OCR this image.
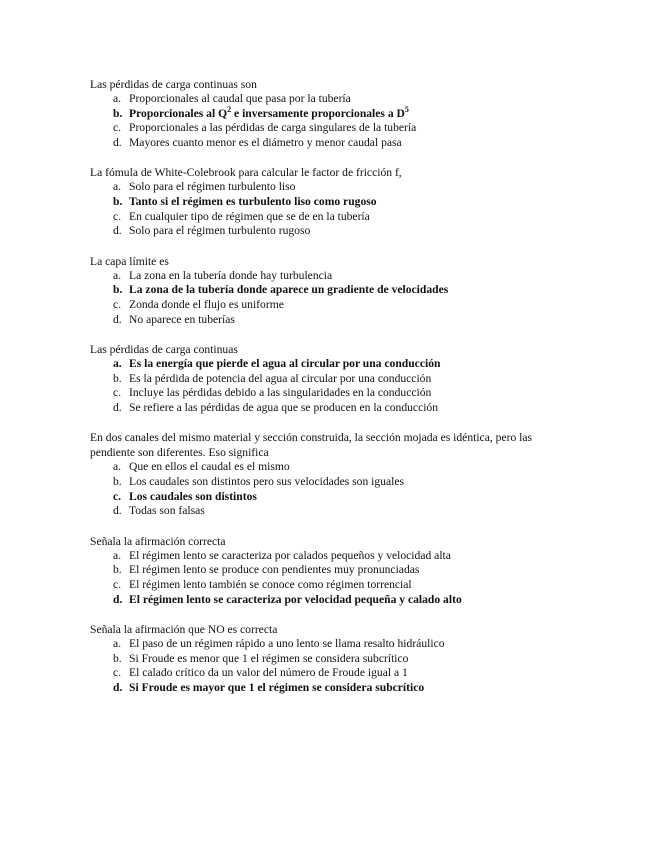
Las pérdidas de carga continuas son

a. Proporcionales al caudal que pasa por la tubería
b. Proporcionales al $Q^2$ e inversamente proporcionales a $D^5$
c. Proporcionales a las pérdidas de carga singulares de la tubería
d. Mayores cuanto menor es el diámetro y menor caudal pasa

La fómula de White-Colebrook para calcular le factor de fricción f,

a. Solo para el régimen turbulento liso
b. Tanto si el régimen es turbulento liso como rugoso
c. En cualquier tipo de régimen que se de en la tubería
d. Solo para el régimen turbulento rugoso

La capa límite es

a. La zona en la tubería donde hay turbulencia
b. La zona de la tubería donde aparece un gradiente de velocidades
c. Zonda donde el flujo es uniforme
d. No aparece en tuberías

Las pérdidas de carga continuas

a. Es la energía que pierde el agua al circular por una conducción
b. Es la pérdida de potencia del agua al circular por una conducción
c. Incluye las pérdidas debido a las singularidades en la conducción
d. Se refiere a las pérdidas de agua que se producen en la conducción

En dos canales del mismo material y sección construida, la sección mojada es idéntica, pero las pendiente son diferentes. Eso significa

a. Que en ellos el caudal es el mismo
b. Los caudales son distintos pero sus velocidades son iguales
c. Los caudales son distintos
d. Todas son falsas

Señala la afirmación correcta

a. El régimen lento se caracteriza por calados pequeños y velocidad alta
b. El régimen lento se produce con pendientes muy pronunciadas
c. El régimen lento también se conoce como régimen torrencial
d. El régimen lento se caracteriza por velocidad pequeña y calado alto

Señala la afirmación que NO es correcta

a. El paso de un régimen rápido a uno lento se llama resalto hidráulico
b. Si Froude es menor que 1 el régimen se considera subcrítico
c. El calado crítico da un valor del número de Froude igual a 1
d. Si Froude es mayor que 1 el régimen se considera subcrítico
